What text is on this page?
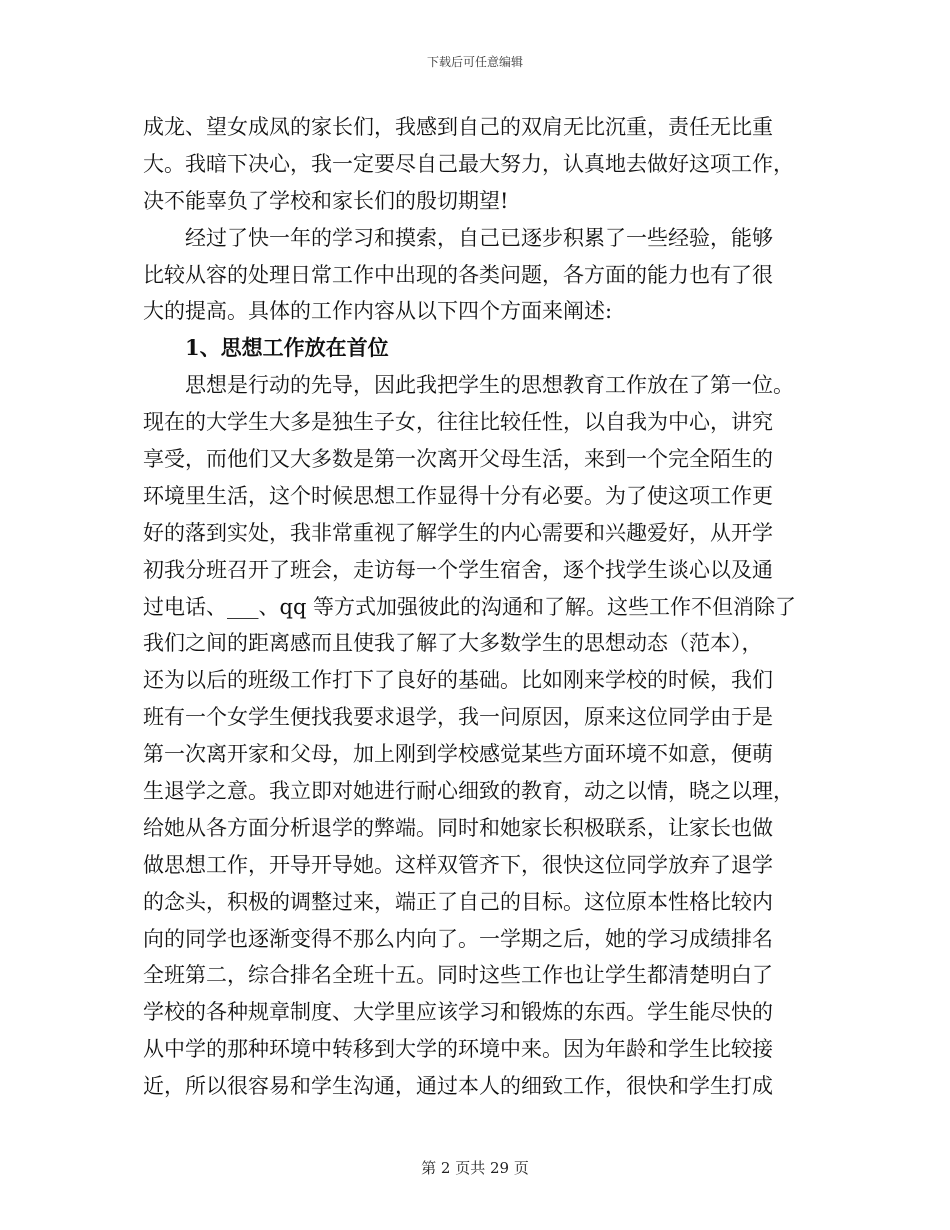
下载后可任意编辑
成龙、望女成凤的家长们，我感到自己的双肩无比沉重，责任无比重
大。我暗下决心，我一定要尽自己最大努力，认真地去做好这项工作，
决不能辜负了学校和家长们的殷切期望!
经过了快一年的学习和摸索，自己已逐步积累了一些经验，能够
比较从容的处理日常工作中出现的各类问题，各方面的能力也有了很
大的提高。具体的工作内容从以下四个方面来阐述:
1、思想工作放在首位
思想是行动的先导，因此我把学生的思想教育工作放在了第一位。
现在的大学生大多是独生子女，往往比较任性，以自我为中心，讲究
享受，而他们又大多数是第一次离开父母生活，来到一个完全陌生的
环境里生活，这个时候思想工作显得十分有必要。为了使这项工作更
好的落到实处，我非常重视了解学生的内心需要和兴趣爱好，从开学
初我分班召开了班会，走访每一个学生宿舍，逐个找学生谈心以及通
过电话、___、qq 等方式加强彼此的沟通和了解。这些工作不但消除了
我们之间的距离感而且使我了解了大多数学生的思想动态（范本），
还为以后的班级工作打下了良好的基础。比如刚来学校的时候，我们
班有一个女学生便找我要求退学，我一问原因，原来这位同学由于是
第一次离开家和父母，加上刚到学校感觉某些方面环境不如意，便萌
生退学之意。我立即对她进行耐心细致的教育，动之以情，晓之以理，
给她从各方面分析退学的弊端。同时和她家长积极联系，让家长也做
做思想工作，开导开导她。这样双管齐下，很快这位同学放弃了退学
的念头，积极的调整过来，端正了自己的目标。这位原本性格比较内
向的同学也逐渐变得不那么内向了。一学期之后，她的学习成绩排名
全班第二，综合排名全班十五。同时这些工作也让学生都清楚明白了
学校的各种规章制度、大学里应该学习和锻炼的东西。学生能尽快的
从中学的那种环境中转移到大学的环境中来。因为年龄和学生比较接
近，所以很容易和学生沟通，通过本人的细致工作，很快和学生打成
第 2 页共 29 页
